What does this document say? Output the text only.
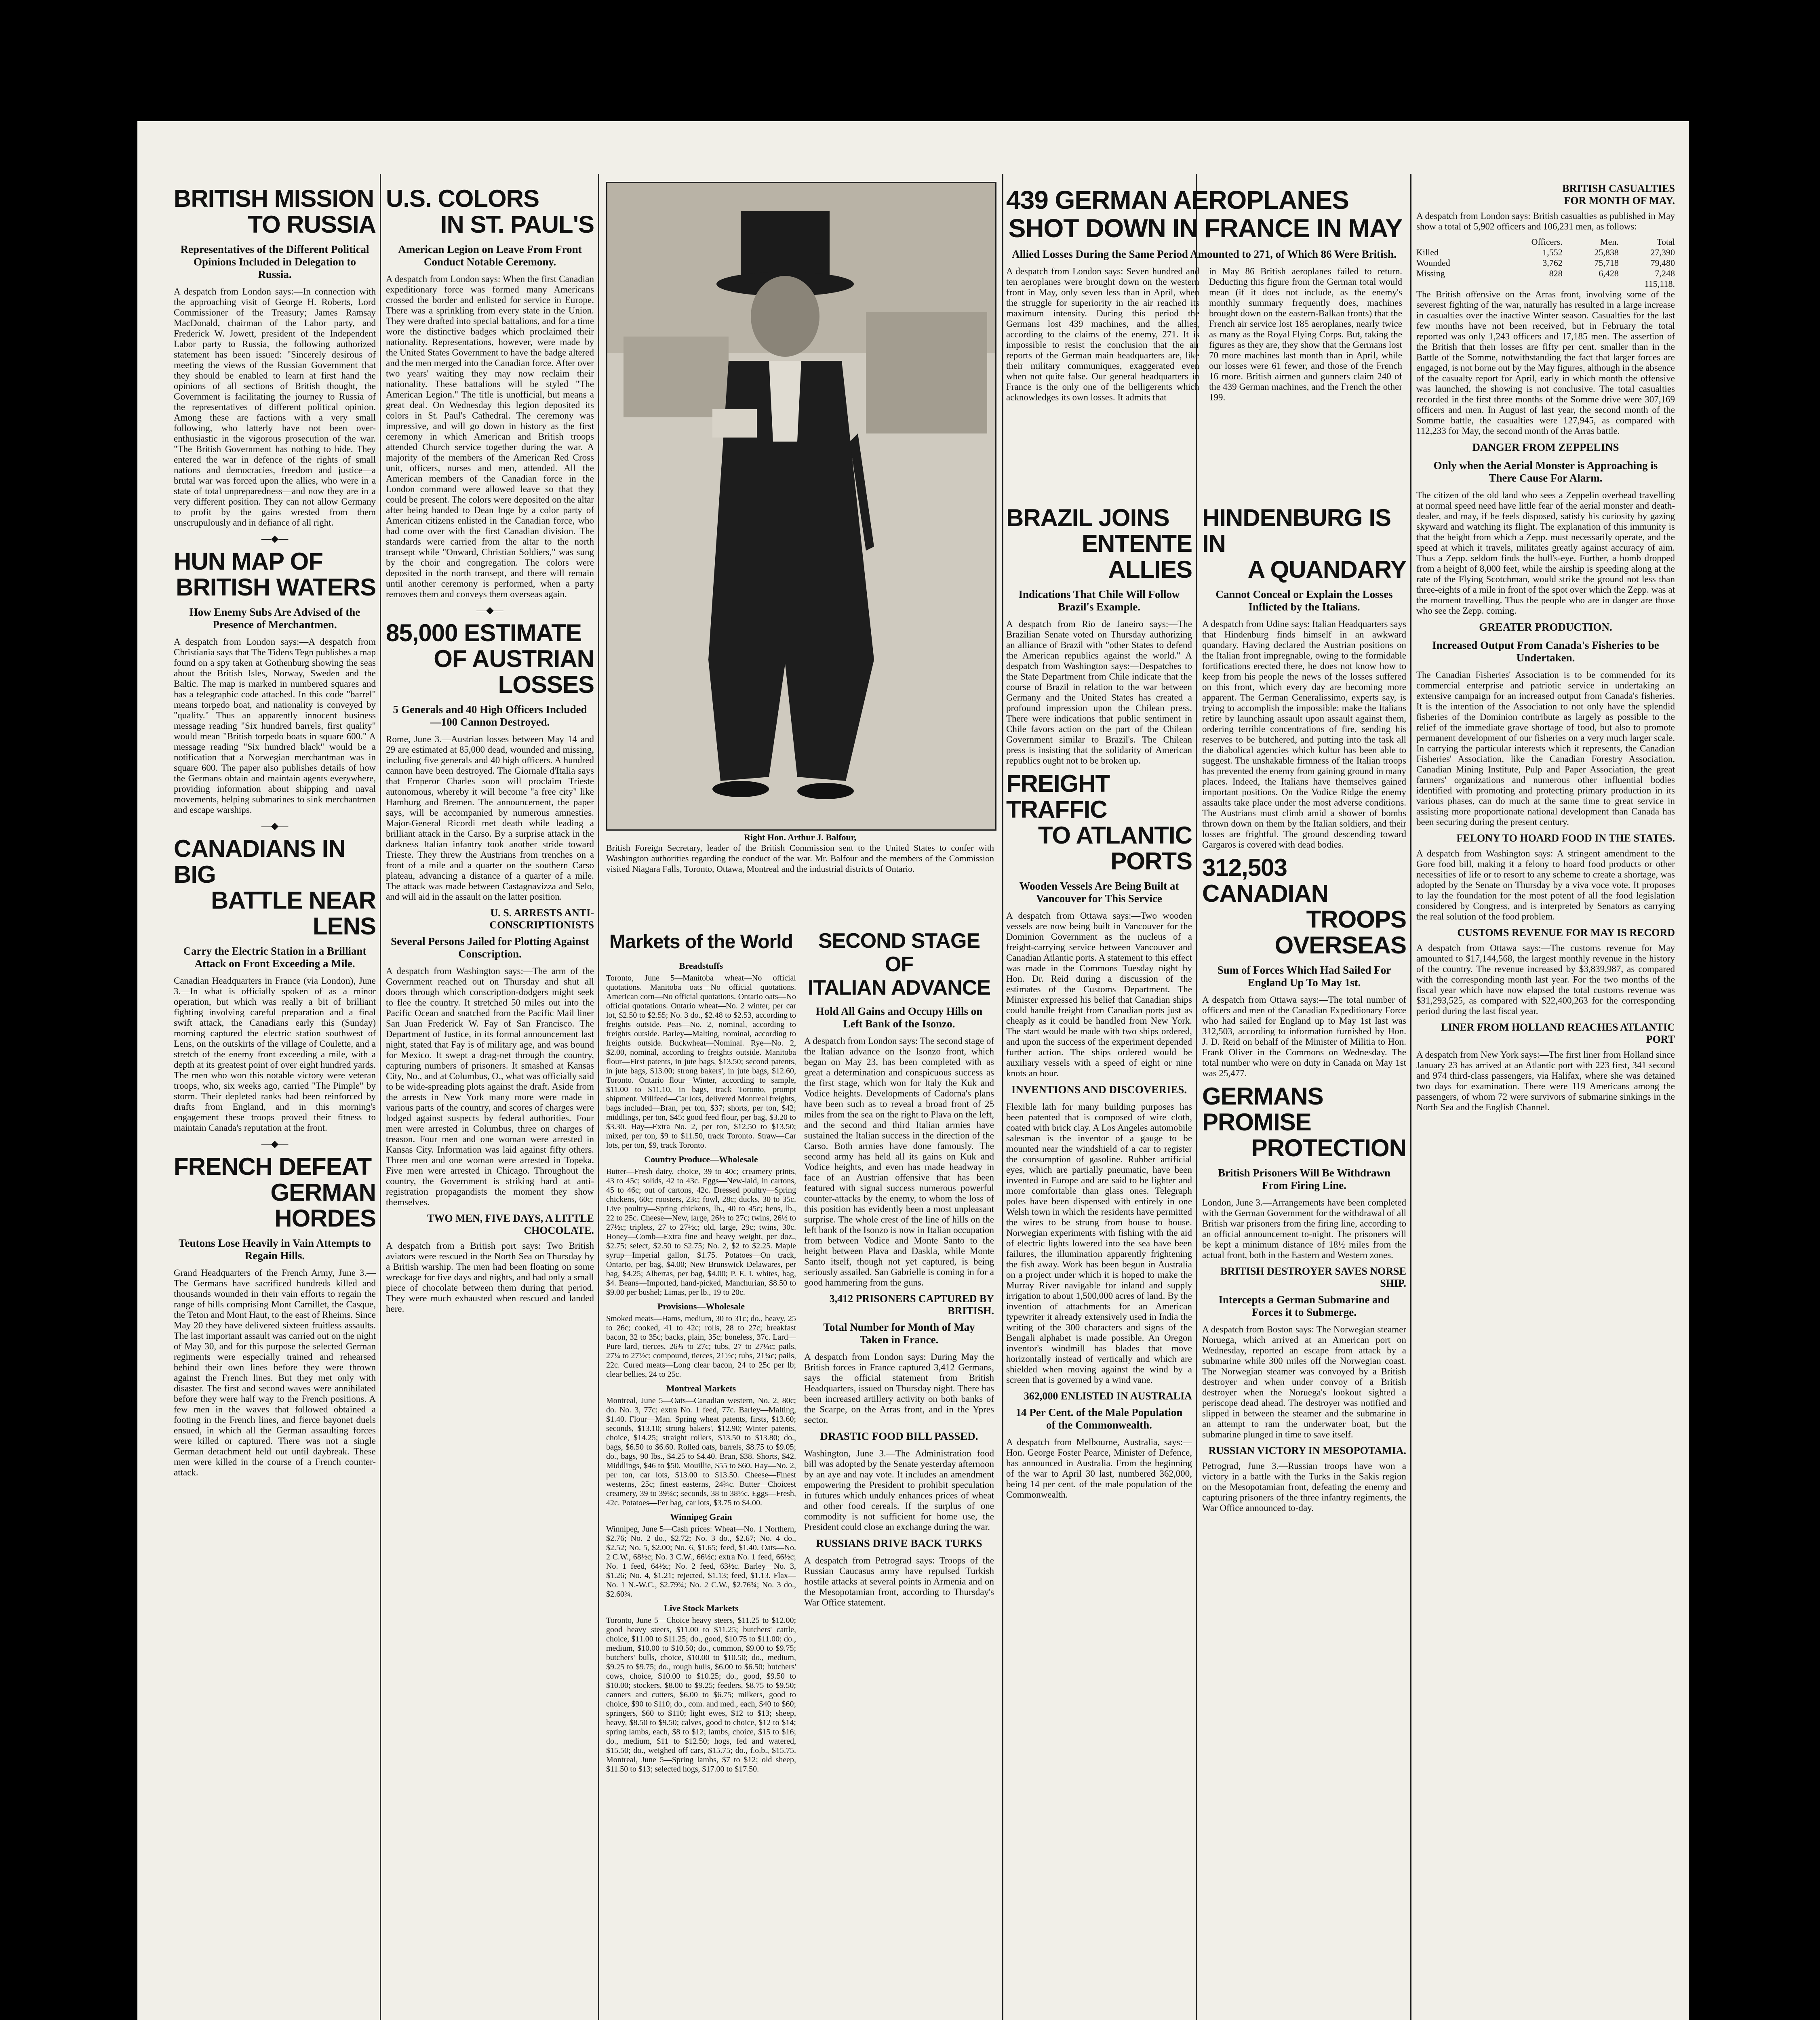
BRITISH MISSION
TO RUSSIA
Representatives of the Different Political Opinions Included in Delegation to Russia.
A despatch from London says:—In connection with the approaching visit of George H. Roberts, Lord Commissioner of the Treasury; James Ramsay MacDonald, chairman of the Labor party, and Frederick W. Jowett, president of the Independent Labor party to Russia, the following authorized statement has been issued: "Sincerely desirous of meeting the views of the Russian Government that they should be enabled to learn at first hand the opinions of all sections of British thought, the Government is facilitating the journey to Russia of the representatives of different political opinion. Among these are factions with a very small following, who latterly have not been over-enthusiastic in the vigorous prosecution of the war. "The British Government has nothing to hide. They entered the war in defence of the rights of small nations and democracies, freedom and justice—a brutal war was forced upon the allies, who were in a state of total unpreparedness—and now they are in a very different position. They can not allow Germany to profit by the gains wrested from them unscrupulously and in defiance of all right.
—◆—
HUN MAP OF
BRITISH WATERS
How Enemy Subs Are Advised of the Presence of Merchantmen.
A despatch from London says:—A despatch from Christiania says that The Tidens Tegn publishes a map found on a spy taken at Gothenburg showing the seas about the British Isles, Norway, Sweden and the Baltic. The map is marked in numbered squares and has a telegraphic code attached. In this code "barrel" means torpedo boat, and nationality is conveyed by "quality." Thus an apparently innocent business message reading "Six hundred barrels, first quality" would mean "British torpedo boats in square 600." A message reading "Six hundred black" would be a notification that a Norwegian merchantman was in square 600. The paper also publishes details of how the Germans obtain and maintain agents everywhere, providing information about shipping and naval movements, helping submarines to sink merchantmen and escape warships.
—◆—
CANADIANS IN BIG
BATTLE NEAR LENS
Carry the Electric Station in a Brilliant Attack on Front Exceeding a Mile.
Canadian Headquarters in France (via London), June 3.—In what is officially spoken of as a minor operation, but which was really a bit of brilliant fighting involving careful preparation and a final swift attack, the Canadians early this (Sunday) morning captured the electric station southwest of Lens, on the outskirts of the village of Coulette, and a stretch of the enemy front exceeding a mile, with a depth at its greatest point of over eight hundred yards. The men who won this notable victory were veteran troops, who, six weeks ago, carried "The Pimple" by storm. Their depleted ranks had been reinforced by drafts from England, and in this morning's engagement these troops proved their fitness to maintain Canada's reputation at the front.
—◆—
FRENCH DEFEAT
GERMAN HORDES
Teutons Lose Heavily in Vain Attempts to Regain Hills.
Grand Headquarters of the French Army, June 3.—The Germans have sacrificed hundreds killed and thousands wounded in their vain efforts to regain the range of hills comprising Mont Carnillet, the Casque, the Teton and Mont Haut, to the east of Rheims. Since May 20 they have delivered sixteen fruitless assaults. The last important assault was carried out on the night of May 30, and for this purpose the selected German regiments were especially trained and rehearsed behind their own lines before they were thrown against the French lines. But they met only with disaster. The first and second waves were annihilated before they were half way to the French positions. A few men in the waves that followed obtained a footing in the French lines, and fierce bayonet duels ensued, in which all the German assaulting forces were killed or captured. There was not a single German detachment held out until daybreak. These men were killed in the course of a French counter-attack.
U.S. COLORS
IN ST. PAUL'S
American Legion on Leave From Front Conduct Notable Ceremony.
A despatch from London says: When the first Canadian expeditionary force was formed many Americans crossed the border and enlisted for service in Europe. There was a sprinkling from every state in the Union. They were drafted into special battalions, and for a time wore the distinctive badges which proclaimed their nationality. Representations, however, were made by the United States Government to have the badge altered and the men merged into the Canadian force. After over two years' waiting they may now reclaim their nationality. These battalions will be styled "The American Legion." The title is unofficial, but means a great deal. On Wednesday this legion deposited its colors in St. Paul's Cathedral. The ceremony was impressive, and will go down in history as the first ceremony in which American and British troops attended Church service together during the war. A majority of the members of the American Red Cross unit, officers, nurses and men, attended. All the American members of the Canadian force in the London command were allowed leave so that they could be present. The colors were deposited on the altar after being handed to Dean Inge by a color party of American citizens enlisted in the Canadian force, who had come over with the first Canadian division. The standards were carried from the altar to the north transept while "Onward, Christian Soldiers," was sung by the choir and congregation. The colors were deposited in the north transept, and there will remain until another ceremony is performed, when a party removes them and conveys them overseas again.
—◆—
85,000 ESTIMATE
OF AUSTRIAN LOSSES
5 Generals and 40 High Officers Included—100 Cannon Destroyed.
Rome, June 3.—Austrian losses between May 14 and 29 are estimated at 85,000 dead, wounded and missing, including five generals and 40 high officers. A hundred cannon have been destroyed. The Giornale d'Italia says that Emperor Charles soon will proclaim Trieste autonomous, whereby it will become "a free city" like Hamburg and Bremen. The announcement, the paper says, will be accompanied by numerous amnesties. Major-General Ricordi met death while leading a brilliant attack in the Carso. By a surprise attack in the darkness Italian infantry took another stride toward Trieste. They threw the Austrians from trenches on a front of a mile and a quarter on the southern Carso plateau, advancing a distance of a quarter of a mile. The attack was made between Castagnavizza and Selo, and will aid in the assault on the latter position.
U. S. ARRESTS ANTI-CONSCRIPTIONISTS
Several Persons Jailed for Plotting Against Conscription.
A despatch from Washington says:—The arm of the Government reached out on Thursday and shut all doors through which conscription-dodgers might seek to flee the country. It stretched 50 miles out into the Pacific Ocean and snatched from the Pacific Mail liner San Juan Frederick W. Fay of San Francisco. The Department of Justice, in its formal announcement last night, stated that Fay is of military age, and was bound for Mexico. It swept a drag-net through the country, capturing numbers of prisoners. It smashed at Kansas City, No., and at Columbus, O., what was officially said to be wide-spreading plots against the draft. Aside from the arrests in New York many more were made in various parts of the country, and scores of charges were lodged against suspects by federal authorities. Four men were arrested in Columbus, three on charges of treason. Four men and one woman were arrested in Kansas City. Information was laid against fifty others. Three men and one woman were arrested in Topeka. Five men were arrested in Chicago. Throughout the country, the Government is striking hard at anti-registration propagandists the moment they show themselves.
TWO MEN, FIVE DAYS, A LITTLE CHOCOLATE.
A despatch from a British port says: Two British aviators were rescued in the North Sea on Thursday by a British warship. The men had been floating on some wreckage for five days and nights, and had only a small piece of chocolate between them during that period. They were much exhausted when rescued and landed here.
Right Hon. Arthur J. Balfour,
British Foreign Secretary, leader of the British Commission sent to the United States to confer with Washington authorities regarding the conduct of the war. Mr. Balfour and the members of the Commission visited Niagara Falls, Toronto, Ottawa, Montreal and the industrial districts of Ontario.
Markets of the World
Breadstuffs
Toronto, June 5—Manitoba wheat—No official quotations. Manitoba oats—No official quotations. American corn—No official quotations. Ontario oats—No official quotations. Ontario wheat—No. 2 winter, per car lot, $2.50 to $2.55; No. 3 do., $2.48 to $2.53, according to freights outside. Peas—No. 2, nominal, according to freights outside. Barley—Malting, nominal, according to freights outside. Buckwheat—Nominal. Rye—No. 2, $2.00, nominal, according to freights outside. Manitoba flour—First patents, in jute bags, $13.50; second patents, in jute bags, $13.00; strong bakers', in jute bags, $12.60, Toronto. Ontario flour—Winter, according to sample, $11.00 to $11.10, in bags, track Toronto, prompt shipment. Millfeed—Car lots, delivered Montreal freights, bags included—Bran, per ton, $37; shorts, per ton, $42; middlings, per ton, $45; good feed flour, per bag, $3.20 to $3.30. Hay—Extra No. 2, per ton, $12.50 to $13.50; mixed, per ton, $9 to $11.50, track Toronto. Straw—Car lots, per ton, $9, track Toronto.
Country Produce—Wholesale
Butter—Fresh dairy, choice, 39 to 40c; creamery prints, 43 to 45c; solids, 42 to 43c. Eggs—New-laid, in cartons, 45 to 46c; out of cartons, 42c. Dressed poultry—Spring chickens, 60c; roosters, 23c; fowl, 28c; ducks, 30 to 35c. Live poultry—Spring chickens, lb., 40 to 45c; hens, lb., 22 to 25c. Cheese—New, large, 26½ to 27c; twins, 26½ to 27½c; triplets, 27 to 27½c; old, large, 29c; twins, 30c. Honey—Comb—Extra fine and heavy weight, per doz., $2.75; select, $2.50 to $2.75; No. 2, $2 to $2.25. Maple syrup—Imperial gallon, $1.75. Potatoes—On track, Ontario, per bag, $4.00; New Brunswick Delawares, per bag, $4.25; Albertas, per bag, $4.00; P. E. I. whites, bag, $4. Beans—Imported, hand-picked, Manchurian, $8.50 to $9.00 per bushel; Limas, per lb., 19 to 20c.
Provisions—Wholesale
Smoked meats—Hams, medium, 30 to 31c; do., heavy, 25 to 26c; cooked, 41 to 42c; rolls, 28 to 27c; breakfast bacon, 32 to 35c; backs, plain, 35c; boneless, 37c. Lard—Pure lard, tierces, 26¾ to 27c; tubs, 27 to 27¼c; pails, 27¼ to 27½c; compound, tierces, 21½c; tubs, 21¾c; pails, 22c. Cured meats—Long clear bacon, 24 to 25c per lb; clear bellies, 24 to 25c.
Montreal Markets
Montreal, June 5—Oats—Canadian western, No. 2, 80c; do. No. 3, 77c; extra No. 1 feed, 77c. Barley—Malting, $1.40. Flour—Man. Spring wheat patents, firsts, $13.60; seconds, $13.10; strong bakers', $12.90; Winter patents, choice, $14.25; straight rollers, $13.50 to $13.80; do., bags, $6.50 to $6.60. Rolled oats, barrels, $8.75 to $9.05; do., bags, 90 lbs., $4.25 to $4.40. Bran, $38. Shorts, $42. Middlings, $46 to $50. Mouillie, $55 to $60. Hay—No. 2, per ton, car lots, $13.00 to $13.50. Cheese—Finest westerns, 25c; finest easterns, 24¾c. Butter—Choicest creamery, 39 to 39¼c; seconds, 38 to 38½c. Eggs—Fresh, 42c. Potatoes—Per bag, car lots, $3.75 to $4.00.
Winnipeg Grain
Winnipeg, June 5—Cash prices: Wheat—No. 1 Northern, $2.76; No. 2 do., $2.72; No. 3 do., $2.67; No. 4 do., $2.52; No. 5, $2.00; No. 6, $1.65; feed, $1.40. Oats—No. 2 C.W., 68½c; No. 3 C.W., 66½c; extra No. 1 feed, 66½c; No. 1 feed, 64½c; No. 2 feed, 63½c. Barley—No. 3, $1.26; No. 4, $1.21; rejected, $1.13; feed, $1.13. Flax—No. 1 N.-W.C., $2.79¾; No. 2 C.W., $2.76¾; No. 3 do., $2.60¾.
Live Stock Markets
Toronto, June 5—Choice heavy steers, $11.25 to $12.00; good heavy steers, $11.00 to $11.25; butchers' cattle, choice, $11.00 to $11.25; do., good, $10.75 to $11.00; do., medium, $10.00 to $10.50; do., common, $9.00 to $9.75; butchers' bulls, choice, $10.00 to $10.50; do., medium, $9.25 to $9.75; do., rough bulls, $6.00 to $6.50; butchers' cows, choice, $10.00 to $10.25; do., good, $9.50 to $10.00; stockers, $8.00 to $9.25; feeders, $8.75 to $9.50; canners and cutters, $6.00 to $6.75; milkers, good to choice, $90 to $110; do., com. and med., each, $40 to $60; springers, $60 to $110; light ewes, $12 to $13; sheep, heavy, $8.50 to $9.50; calves, good to choice, $12 to $14; spring lambs, each, $8 to $12; lambs, choice, $15 to $16; do., medium, $11 to $12.50; hogs, fed and watered, $15.50; do., weighed off cars, $15.75; do., f.o.b., $15.75. Montreal, June 5—Spring lambs, $7 to $12; old sheep, $11.50 to $13; selected hogs, $17.00 to $17.50.
SECOND STAGE OF
ITALIAN ADVANCE
Hold All Gains and Occupy Hills on Left Bank of the Isonzo.
A despatch from London says: The second stage of the Italian advance on the Isonzo front, which began on May 23, has been completed with as great a determination and conspicuous success as the first stage, which won for Italy the Kuk and Vodice heights. Developments of Cadorna's plans have been such as to reveal a broad front of 25 miles from the sea on the right to Plava on the left, and the second and third Italian armies have sustained the Italian success in the direction of the Carso. Both armies have done famously. The second army has held all its gains on Kuk and Vodice heights, and even has made headway in face of an Austrian offensive that has been featured with signal success numerous powerful counter-attacks by the enemy, to whom the loss of this position has evidently been a most unpleasant surprise. The whole crest of the line of hills on the left bank of the Isonzo is now in Italian occupation from between Vodice and Monte Santo to the height between Plava and Daskla, while Monte Santo itself, though not yet captured, is being seriously assailed. San Gabrielle is coming in for a good hammering from the guns.
3,412 PRISONERS CAPTURED BY BRITISH.
Total Number for Month of May Taken in France.
A despatch from London says: During May the British forces in France captured 3,412 Germans, says the official statement from British Headquarters, issued on Thursday night. There has been increased artillery activity on both banks of the Scarpe, on the Arras front, and in the Ypres sector.
DRASTIC FOOD BILL PASSED.
Washington, June 3.—The Administration food bill was adopted by the Senate yesterday afternoon by an aye and nay vote. It includes an amendment empowering the President to prohibit speculation in futures which unduly enhances prices of wheat and other food cereals. If the surplus of one commodity is not sufficient for home use, the President could close an exchange during the war.
RUSSIANS DRIVE BACK TURKS
A despatch from Petrograd says: Troops of the Russian Caucasus army have repulsed Turkish hostile attacks at several points in Armenia and on the Mesopotamian front, according to Thursday's War Office statement.
439 GERMAN AEROPLANES
SHOT DOWN IN FRANCE IN MAY
Allied Losses During the Same Period Amounted to 271, of Which 86 Were British.
A despatch from London says: Seven hundred and ten aeroplanes were brought down on the western front in May, only seven less than in April, when the struggle for superiority in the air reached its maximum intensity. During this period the Germans lost 439 machines, and the allies, according to the claims of the enemy, 271. It is impossible to resist the conclusion that the air reports of the German main headquarters are, like their military communiques, exaggerated even when not quite false. Our general headquarters in France is the only one of the belligerents which acknowledges its own losses. It admits that
in May 86 British aeroplanes failed to return. Deducting this figure from the German total would mean (if it does not include, as the enemy's monthly summary frequently does, machines brought down on the eastern-Balkan fronts) that the French air service lost 185 aeroplanes, nearly twice as many as the Royal Flying Corps. But, taking the figures as they are, they show that the Germans lost 70 more machines last month than in April, while our losses were 61 fewer, and those of the French 16 more. British airmen and gunners claim 240 of the 439 German machines, and the French the other 199.
BRAZIL JOINS
ENTENTE ALLIES
Indications That Chile Will Follow Brazil's Example.
A despatch from Rio de Janeiro says:—The Brazilian Senate voted on Thursday authorizing an alliance of Brazil with "other States to defend the American republics against the world." A despatch from Washington says:—Despatches to the State Department from Chile indicate that the course of Brazil in relation to the war between Germany and the United States has created a profound impression upon the Chilean press. There were indications that public sentiment in Chile favors action on the part of the Chilean Government similar to Brazil's. The Chilean press is insisting that the solidarity of American republics ought not to be broken up.
FREIGHT TRAFFIC
TO ATLANTIC PORTS
Wooden Vessels Are Being Built at Vancouver for This Service
A despatch from Ottawa says:—Two wooden vessels are now being built in Vancouver for the Dominion Government as the nucleus of a freight-carrying service between Vancouver and Canadian Atlantic ports. A statement to this effect was made in the Commons Tuesday night by Hon. Dr. Reid during a discussion of the estimates of the Customs Department. The Minister expressed his belief that Canadian ships could handle freight from Canadian ports just as cheaply as it could be handled from New York. The start would be made with two ships ordered, and upon the success of the experiment depended further action. The ships ordered would be auxiliary vessels with a speed of eight or nine knots an hour.
INVENTIONS AND DISCOVERIES.
Flexible lath for many building purposes has been patented that is composed of wire cloth, coated with brick clay. A Los Angeles automobile salesman is the inventor of a gauge to be mounted near the windshield of a car to register the consumption of gasoline. Rubber artificial eyes, which are partially pneumatic, have been invented in Europe and are said to be lighter and more comfortable than glass ones. Telegraph poles have been dispensed with entirely in one Welsh town in which the residents have permitted the wires to be strung from house to house. Norwegian experiments with fishing with the aid of electric lights lowered into the sea have been failures, the illumination apparently frightening the fish away. Work has been begun in Australia on a project under which it is hoped to make the Murray River navigable for inland and supply irrigation to about 1,500,000 acres of land. By the invention of attachments for an American typewriter it already extensively used in India the writing of the 300 characters and signs of the Bengali alphabet is made possible. An Oregon inventor's windmill has blades that move horizontally instead of vertically and which are shielded when moving against the wind by a screen that is governed by a wind vane.
362,000 ENLISTED IN AUSTRALIA
14 Per Cent. of the Male Population of the Commonwealth.
A despatch from Melbourne, Australia, says:—Hon. George Foster Pearce, Minister of Defence, has announced in Australia. From the beginning of the war to April 30 last, numbered 362,000, being 14 per cent. of the male population of the Commonwealth.
HINDENBURG IS IN
A QUANDARY
Cannot Conceal or Explain the Losses Inflicted by the Italians.
A despatch from Udine says: Italian Headquarters says that Hindenburg finds himself in an awkward quandary. Having declared the Austrian positions on the Italian front impregnable, owing to the formidable fortifications erected there, he does not know how to keep from his people the news of the losses suffered on this front, which every day are becoming more apparent. The German Generalissimo, experts say, is trying to accomplish the impossible: make the Italians retire by launching assault upon assault against them, ordering terrible concentrations of fire, sending his reserves to be butchered, and putting into the task all the diabolical agencies which kultur has been able to suggest. The unshakable firmness of the Italian troops has prevented the enemy from gaining ground in many places. Indeed, the Italians have themselves gained important positions. On the Vodice Ridge the enemy assaults take place under the most adverse conditions. The Austrians must climb amid a shower of bombs thrown down on them by the Italian soldiers, and their losses are frightful. The ground descending toward Gargaros is covered with dead bodies.
312,503 CANADIAN
TROOPS OVERSEAS
Sum of Forces Which Had Sailed For England Up To May 1st.
A despatch from Ottawa says:—The total number of officers and men of the Canadian Expeditionary Force who had sailed for England up to May 1st last was 312,503, according to information furnished by Hon. J. D. Reid on behalf of the Minister of Militia to Hon. Frank Oliver in the Commons on Wednesday. The total number who were on duty in Canada on May 1st was 25,477.
GERMANS PROMISE
PROTECTION
British Prisoners Will Be Withdrawn From Firing Line.
London, June 3.—Arrangements have been completed with the German Government for the withdrawal of all British war prisoners from the firing line, according to an official announcement to-night. The prisoners will be kept a minimum distance of 18½ miles from the actual front, both in the Eastern and Western zones.
BRITISH DESTROYER SAVES NORSE SHIP.
Intercepts a German Submarine and Forces it to Submerge.
A despatch from Boston says: The Norwegian steamer Noruega, which arrived at an American port on Wednesday, reported an escape from attack by a submarine while 300 miles off the Norwegian coast. The Norwegian steamer was convoyed by a British destroyer and when under convoy of a British destroyer when the Noruega's lookout sighted a periscope dead ahead. The destroyer was notified and slipped in between the steamer and the submarine in an attempt to ram the underwater boat, but the submarine plunged in time to save itself.
RUSSIAN VICTORY IN MESOPOTAMIA.
Petrograd, June 3.—Russian troops have won a victory in a battle with the Turks in the Sakis region on the Mesopotamian front, defeating the enemy and capturing prisoners of the three infantry regiments, the War Office announced to-day.
BRITISH CASUALTIES
FOR MONTH OF MAY.
A despatch from London says: British casualties as published in May show a total of 5,902 officers and 106,231 men, as follows:
Officers.	Men.	Total
Killed	1,552	25,838	27,390
Wounded	3,762	75,718	79,480
Missing	828	6,428	7,248
115,118.
The British offensive on the Arras front, involving some of the severest fighting of the war, naturally has resulted in a large increase in casualties over the inactive Winter season. Casualties for the last few months have not been received, but in February the total reported was only 1,243 officers and 17,185 men. The assertion of the British that their losses are fifty per cent. smaller than in the Battle of the Somme, notwithstanding the fact that larger forces are engaged, is not borne out by the May figures, although in the absence of the casualty report for April, early in which month the offensive was launched, the showing is not conclusive. The total casualties recorded in the first three months of the Somme drive were 307,169 officers and men. In August of last year, the second month of the Somme battle, the casualties were 127,945, as compared with 112,233 for May, the second month of the Arras battle.
DANGER FROM ZEPPELINS
Only when the Aerial Monster is Approaching is There Cause For Alarm.
The citizen of the old land who sees a Zeppelin overhead travelling at normal speed need have little fear of the aerial monster and death-dealer, and may, if he feels disposed, satisfy his curiosity by gazing skyward and watching its flight. The explanation of this immunity is that the height from which a Zepp. must necessarily operate, and the speed at which it travels, militates greatly against accuracy of aim. Thus a Zepp. seldom finds the bull's-eye. Further, a bomb dropped from a height of 8,000 feet, while the airship is speeding along at the rate of the Flying Scotchman, would strike the ground not less than three-eights of a mile in front of the spot over which the Zepp. was at the moment travelling. Thus the people who are in danger are those who see the Zepp. coming.
GREATER PRODUCTION.
Increased Output From Canada's Fisheries to be Undertaken.
The Canadian Fisheries' Association is to be commended for its commercial enterprise and patriotic service in undertaking an extensive campaign for an increased output from Canada's fisheries. It is the intention of the Association to not only have the splendid fisheries of the Dominion contribute as largely as possible to the relief of the immediate grave shortage of food, but also to promote permanent development of our fisheries on a very much larger scale. In carrying the particular interests which it represents, the Canadian Fisheries' Association, like the Canadian Forestry Association, Canadian Mining Institute, Pulp and Paper Association, the great farmers' organizations and numerous other influential bodies identified with promoting and protecting primary production in its various phases, can do much at the same time to great service in assisting more proportionate national development than Canada has been securing during the present century.
FELONY TO HOARD FOOD IN THE STATES.
A despatch from Washington says: A stringent amendment to the Gore food bill, making it a felony to hoard food products or other necessities of life or to resort to any scheme to create a shortage, was adopted by the Senate on Thursday by a viva voce vote. It proposes to lay the foundation for the most potent of all the food legislation considered by Congress, and is interpreted by Senators as carrying the real solution of the food problem.
CUSTOMS REVENUE FOR MAY IS RECORD
A despatch from Ottawa says:—The customs revenue for May amounted to $17,144,568, the largest monthly revenue in the history of the country. The revenue increased by $3,839,987, as compared with the corresponding month last year. For the two months of the fiscal year which have now elapsed the total customs revenue was $31,293,525, as compared with $22,400,263 for the corresponding period during the last fiscal year.
LINER FROM HOLLAND REACHES ATLANTIC PORT
A despatch from New York says:—The first liner from Holland since January 23 has arrived at an Atlantic port with 223 first, 341 second and 974 third-class passengers, via Halifax, where she was detained two days for examination. There were 119 Americans among the passengers, of whom 72 were survivors of submarine sinkings in the North Sea and the English Channel.
